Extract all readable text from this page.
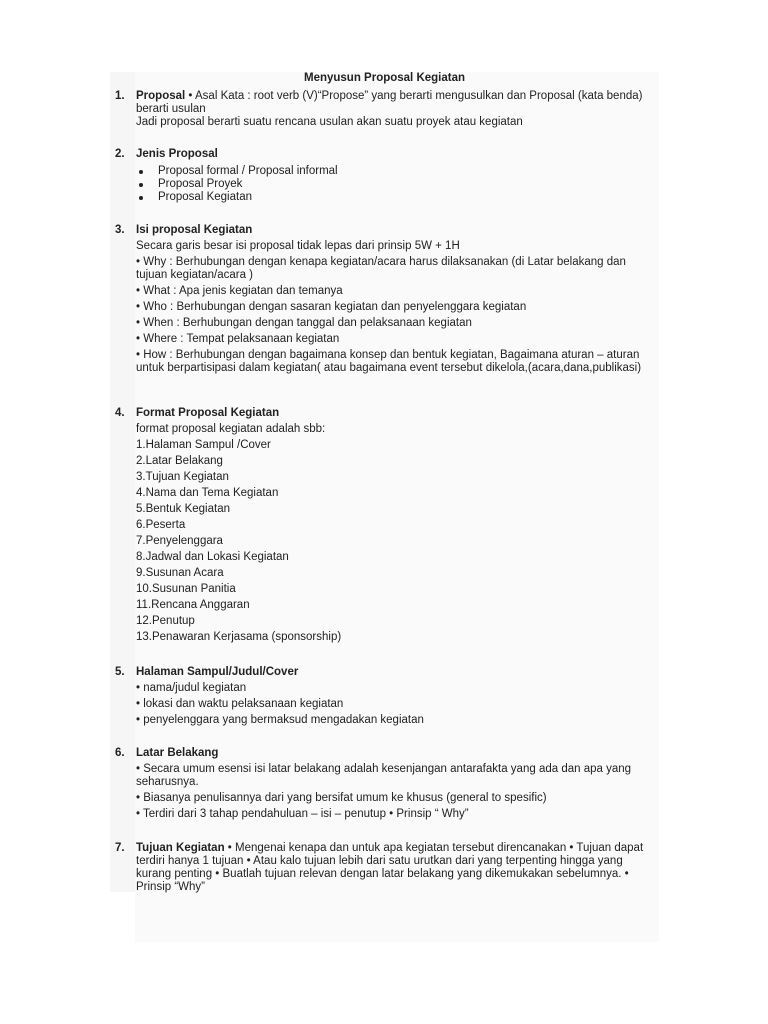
Menyusun Proposal Kegiatan
1. Proposal • Asal Kata : root verb (V)“Propose” yang berarti mengusulkan dan Proposal (kata benda) berarti usulan
Jadi proposal berarti suatu rencana usulan akan suatu proyek atau kegiatan
2. Jenis Proposal
Proposal formal / Proposal informal
Proposal Proyek
Proposal Kegiatan
3. Isi proposal Kegiatan
Secara garis besar isi proposal tidak lepas dari prinsip 5W + 1H
• Why : Berhubungan dengan kenapa kegiatan/acara harus dilaksanakan (di Latar belakang dan tujuan kegiatan/acara )
• What : Apa jenis kegiatan dan temanya
• Who : Berhubungan dengan sasaran kegiatan dan penyelenggara kegiatan
• When : Berhubungan dengan tanggal dan pelaksanaan kegiatan
• Where : Tempat pelaksanaan kegiatan
• How : Berhubungan dengan bagaimana konsep dan bentuk kegiatan, Bagaimana aturan – aturan untuk berpartisipasi dalam kegiatan( atau bagaimana event tersebut dikelola,(acara,dana,publikasi)
4. Format Proposal Kegiatan
format proposal kegiatan adalah sbb:
1.Halaman Sampul /Cover
2.Latar Belakang
3.Tujuan Kegiatan
4.Nama dan Tema Kegiatan
5.Bentuk Kegiatan
6.Peserta
7.Penyelenggara
8.Jadwal dan Lokasi Kegiatan
9.Susunan Acara
10.Susunan Panitia
11.Rencana Anggaran
12.Penutup
13.Penawaran Kerjasama (sponsorship)
5. Halaman Sampul/Judul/Cover
• nama/judul kegiatan
• lokasi dan waktu pelaksanaan kegiatan
• penyelenggara yang bermaksud mengadakan kegiatan
6. Latar Belakang
• Secara umum esensi isi latar belakang adalah kesenjangan antarafakta yang ada dan apa yang seharusnya.
• Biasanya penulisannya dari yang bersifat umum ke khusus (general to spesific)
• Terdiri dari 3 tahap pendahuluan – isi – penutup • Prinsip “ Why”
7. Tujuan Kegiatan • Mengenai kenapa dan untuk apa kegiatan tersebut direncanakan • Tujuan dapat terdiri hanya 1 tujuan • Atau kalo tujuan lebih dari satu urutkan dari yang terpenting hingga yang kurang penting • Buatlah tujuan relevan dengan latar belakang yang dikemukakan sebelumnya. • Prinsip “Why”
